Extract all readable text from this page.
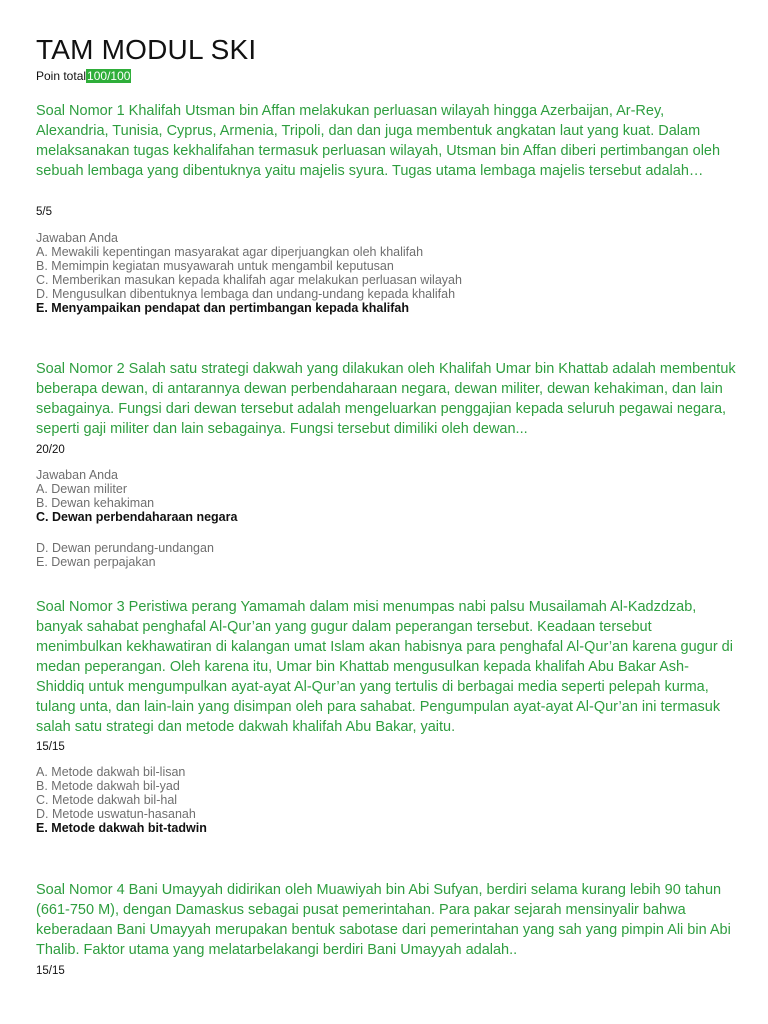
TAM MODUL SKI
Poin total100/100

Soal Nomor 1 Khalifah Utsman bin Affan melakukan perluasan wilayah hingga Azerbaijan, Ar-Rey, Alexandria, Tunisia, Cyprus, Armenia, Tripoli, dan dan juga membentuk angkatan laut yang kuat. Dalam melaksanakan tugas kekhalifahan termasuk perluasan wilayah, Utsman bin Affan diberi pertimbangan oleh sebuah lembaga yang dibentuknya yaitu majelis syura. Tugas utama lembaga majelis tersebut adalah…

5/5
Jawaban Anda
A. Mewakili kepentingan masyarakat agar diperjuangkan oleh khalifah
B. Memimpin kegiatan musyawarah untuk mengambil keputusan
C. Memberikan masukan kepada khalifah agar melakukan perluasan wilayah
D. Mengusulkan dibentuknya lembaga dan undang-undang kepada khalifah
E. Menyampaikan pendapat dan pertimbangan kepada khalifah

Soal Nomor 2 Salah satu strategi dakwah yang dilakukan oleh Khalifah Umar bin Khattab adalah membentuk beberapa dewan, di antarannya dewan perbendaharaan negara, dewan militer, dewan kehakiman, dan lain sebagainya. Fungsi dari dewan tersebut adalah mengeluarkan penggajian kepada seluruh pegawai negara, seperti gaji militer dan lain sebagainya. Fungsi tersebut dimiliki oleh dewan...

20/20
Jawaban Anda
A. Dewan militer
B. Dewan kehakiman
C. Dewan perbendaharaan negara
D. Dewan perundang-undangan
E. Dewan perpajakan

Soal Nomor 3 Peristiwa perang Yamamah dalam misi menumpas nabi palsu Musailamah Al-Kadzdzab, banyak sahabat penghafal Al-Qur’an yang gugur dalam peperangan tersebut. Keadaan tersebut menimbulkan kekhawatiran di kalangan umat Islam akan habisnya para penghafal Al-Qur’an karena gugur di medan peperangan. Oleh karena itu, Umar bin Khattab mengusulkan kepada khalifah Abu Bakar Ash-Shiddiq untuk mengumpulkan ayat-ayat Al-Qur’an yang tertulis di berbagai media seperti pelepah kurma, tulang unta, dan lain-lain yang disimpan oleh para sahabat. Pengumpulan ayat-ayat Al-Qur’an ini termasuk salah satu strategi dan metode dakwah khalifah Abu Bakar, yaitu.

15/15
A. Metode dakwah bil-lisan
B. Metode dakwah bil-yad
C. Metode dakwah bil-hal
D. Metode uswatun-hasanah
E. Metode dakwah bit-tadwin

Soal Nomor 4 Bani Umayyah didirikan oleh Muawiyah bin Abi Sufyan, berdiri selama kurang lebih 90 tahun (661-750 M), dengan Damaskus sebagai pusat pemerintahan. Para pakar sejarah mensinyalir bahwa keberadaan Bani Umayyah merupakan bentuk sabotase dari pemerintahan yang sah yang pimpin Ali bin Abi Thalib. Faktor utama yang melatarbelakangi berdiri Bani Umayyah adalah..

15/15
